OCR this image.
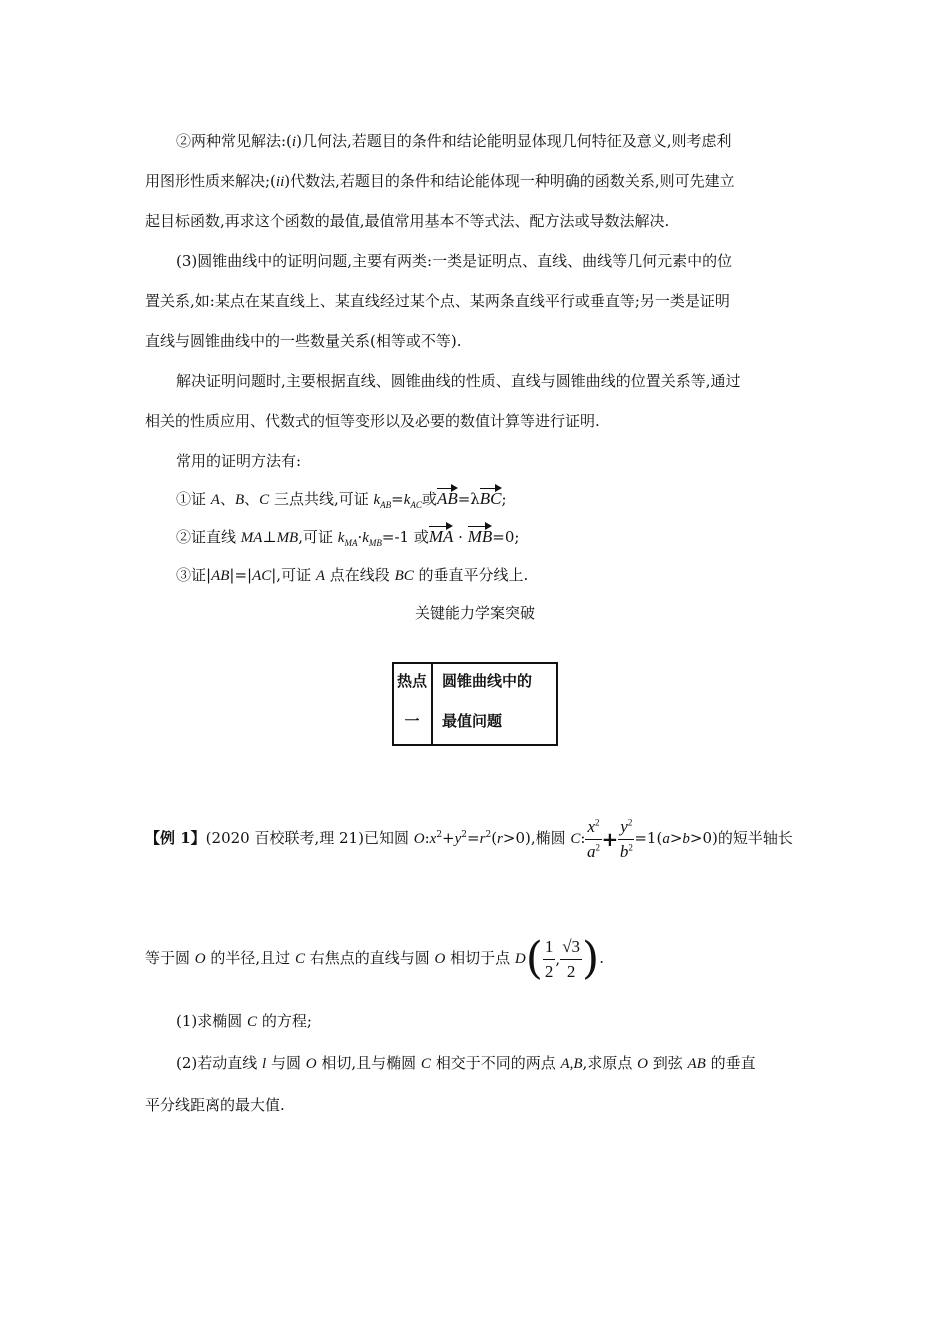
②两种常见解法:(i)几何法,若题目的条件和结论能明显体现几何特征及意义,则考虑利
用图形性质来解决;(ii)代数法,若题目的条件和结论能体现一种明确的函数关系,则可先建立
起目标函数,再求这个函数的最值,最值常用基本不等式法、配方法或导数法解决.
(3)圆锥曲线中的证明问题,主要有两类:一类是证明点、直线、曲线等几何元素中的位
置关系,如:某点在某直线上、某直线经过某个点、某两条直线平行或垂直等;另一类是证明
直线与圆锥曲线中的一些数量关系(相等或不等).
解决证明问题时,主要根据直线、圆锥曲线的性质、直线与圆锥曲线的位置关系等,通过
相关的性质应用、代数式的恒等变形以及必要的数值计算等进行证明.
常用的证明方法有:
①证 A、B、C 三点共线,可证 $k_{AB}=k_{AC}$或AB=λBC;
②证直线 MA⊥MB,可证 $k_{MA}\cdot k_{MB}=-1$ 或MA · MB=0;
③证|AB|=|AC|,可证 A 点在线段 BC 的垂直平分线上.
关键能力学案突破
热点
一
圆锥曲线中的
最值问题
【例 1】(2020 百校联考,理 21)已知圆 $O:x^2+y^2=r^2(r>0)$,椭圆 C: $\frac{x^2}{a^2} + \frac{y^2}{b^2} =1(a>b>0)$的短半轴长
等于圆 O 的半径,且过 C 右焦点的直线与圆 O 相切于点 $D( \frac{1}{2}$ , $\frac{√3}{2}$ ).
(1)求椭圆 C 的方程;
(2)若动直线 l 与圆 O 相切,且与椭圆 C 相交于不同的两点 A,B,求原点 O 到弦 AB 的垂直
平分线距离的最大值.
